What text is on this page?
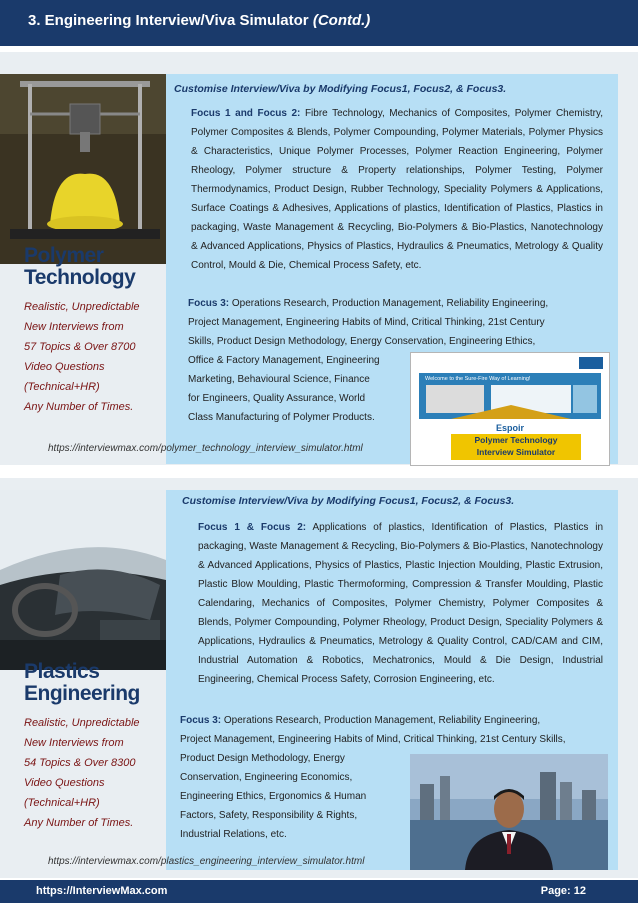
3. Engineering Interview/Viva Simulator (Contd.)
Polymer
Technology
Realistic, Unpredictable
New Interviews from
57 Topics & Over 8700
Video Questions
(Technical+HR)
Any Number of Times.
Customise Interview/Viva by Modifying Focus1, Focus2, & Focus3.
Focus 1 and Focus 2: Fibre Technology, Mechanics of Composites, Polymer Chemistry, Polymer Composites & Blends, Polymer Compounding, Polymer Materials, Polymer Physics & Characteristics, Unique Polymer Processes, Polymer Reaction Engineering, Polymer Rheology, Polymer structure & Property relationships, Polymer Testing, Polymer Thermodynamics, Product Design, Rubber Technology, Speciality Polymers & Applications, Surface Coatings & Adhesives, Applications of plastics, Identification of Plastics, Plastics in packaging, Waste Management & Recycling, Bio-Polymers & Bio-Plastics, Nanotechnology & Advanced Applications, Physics of Plastics, Hydraulics & Pneumatics, Metrology & Quality Control, Mould & Die, Chemical Process Safety, etc.
Focus 3: Operations Research, Production Management, Reliability Engineering,
Project Management, Engineering Habits of Mind, Critical Thinking, 21st Century
Skills, Product Design Methodology, Energy Conservation, Engineering Ethics,
Office & Factory Management, Engineering
Marketing, Behavioural Science, Finance
for Engineers, Quality Assurance, World
Class Manufacturing of Polymer Products.
Welcome to the Sure-Fire Way of Learning!
Espoir
Polymer Technology
Interview Simulator
https://interviewmax.com/polymer_technology_interview_simulator.html
Plastics
Engineering
Realistic, Unpredictable
New Interviews from
54 Topics & Over 8300
Video Questions
(Technical+HR)
Any Number of Times.
Customise Interview/Viva by Modifying Focus1, Focus2, & Focus3.
Focus 1 & Focus 2: Applications of plastics, Identification of Plastics, Plastics in packaging, Waste Management & Recycling, Bio-Polymers & Bio-Plastics, Nanotechnology & Advanced Applications, Physics of Plastics, Plastic Injection Moulding, Plastic Extrusion, Plastic Blow Moulding, Plastic Thermoforming, Compression & Transfer Moulding, Plastic Calendaring, Mechanics of Composites, Polymer Chemistry, Polymer Composites & Blends, Polymer Compounding, Polymer Rheology, Product Design, Speciality Polymers & Applications, Hydraulics & Pneumatics, Metrology & Quality Control, CAD/CAM and CIM, Industrial Automation & Robotics, Mechatronics, Mould & Die Design, Industrial Engineering, Chemical Process Safety, Corrosion Engineering, etc.
Focus 3: Operations Research, Production Management, Reliability Engineering,
Project Management, Engineering Habits of Mind, Critical Thinking, 21st Century Skills,
Product Design Methodology, Energy
Conservation, Engineering Economics,
Engineering Ethics, Ergonomics & Human
Factors, Safety, Responsibility & Rights,
Industrial Relations, etc.
https://interviewmax.com/plastics_engineering_interview_simulator.html
https://InterviewMax.com	Page: 12
